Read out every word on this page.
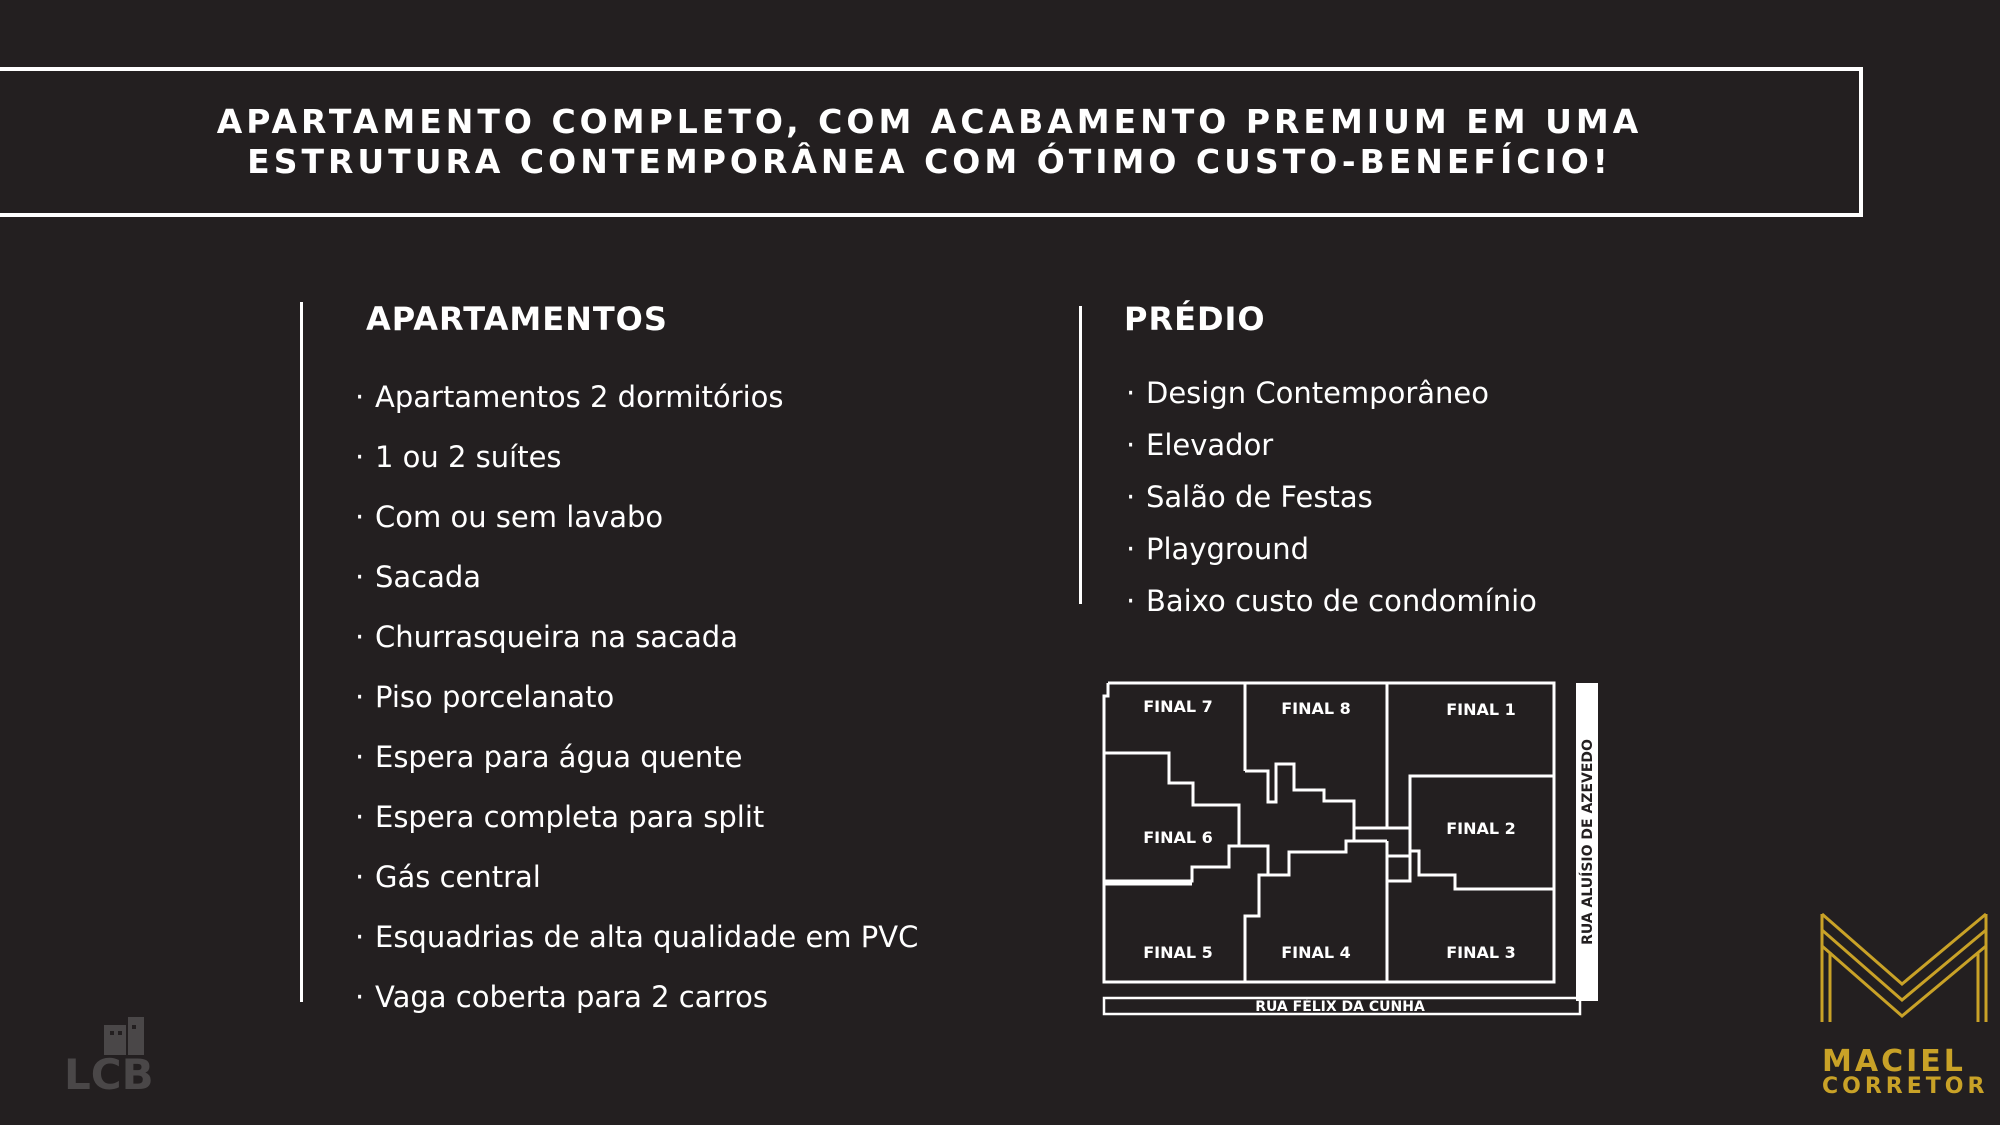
APARTAMENTO COMPLETO, COM ACABAMENTO PREMIUM EM UMA
ESTRUTURA CONTEMPORÂNEA COM ÓTIMO CUSTO-BENEFÍCIO!
APARTAMENTOS
· Apartamentos 2 dormitórios
· 1 ou 2 suítes
· Com ou sem lavabo
· Sacada
· Churrasqueira na sacada
· Piso porcelanato
· Espera para água quente
· Espera completa para split
· Gás central
· Esquadrias de alta qualidade em PVC
· Vaga coberta para 2 carros
PRÉDIO
· Design Contemporâneo
· Elevador
· Salão de Festas
· Playground
· Baixo custo de condomínio
FINAL 7	FINAL 8	FINAL 1
FINAL 6	FINAL 2
FINAL 5	FINAL 4	FINAL 3
RUA FÉLIX DA CUNHA
RUA ALUÍSIO DE AZEVEDO
LCB	MACIEL
CORRETOR
